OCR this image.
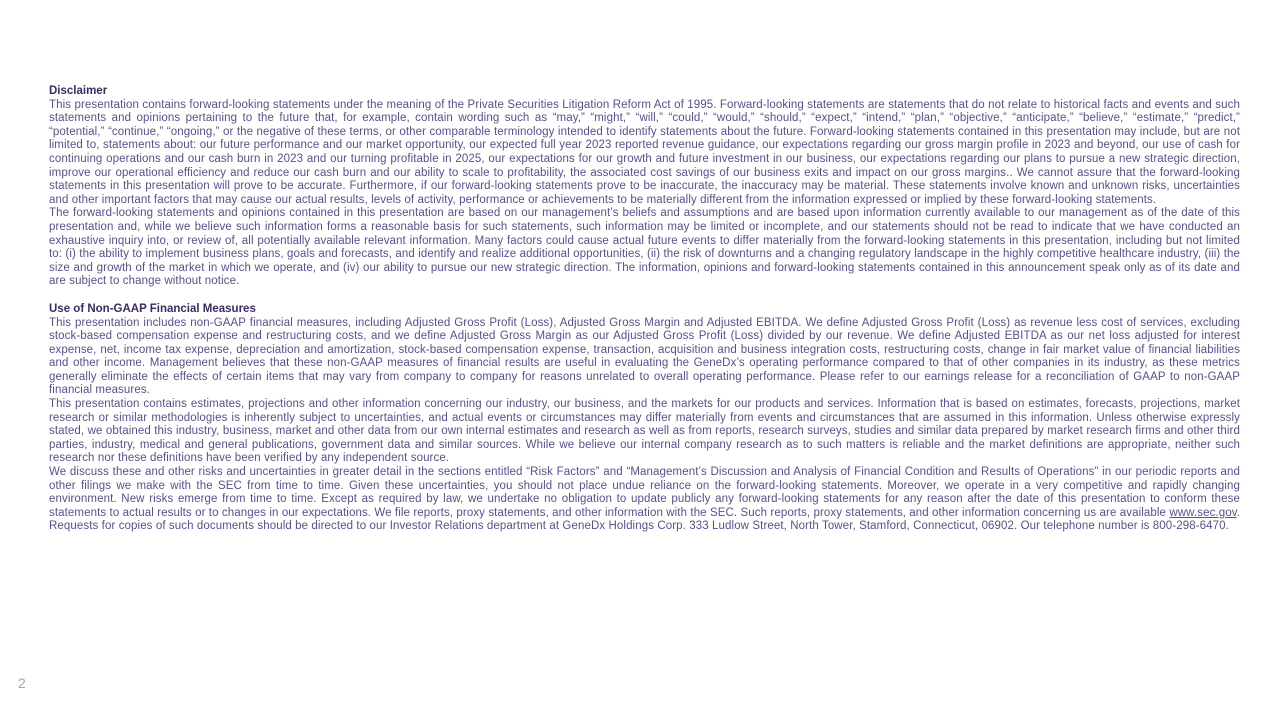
Disclaimer

This presentation contains forward-looking statements under the meaning of the Private Securities Litigation Reform Act of 1995. Forward-looking statements are statements that do not relate to historical facts and events and such statements and opinions pertaining to the future that, for example, contain wording such as “may,” “might,” “will,” “could,” “would,” “should,” “expect,” “intend,” “plan,” “objective,” “anticipate,” “believe,” “estimate,” “predict,” “potential,” “continue,” “ongoing,” or the negative of these terms, or other comparable terminology intended to identify statements about the future. Forward-looking statements contained in this presentation may include, but are not limited to, statements about: our future performance and our market opportunity, our expected full year 2023 reported revenue guidance, our expectations regarding our gross margin profile in 2023 and beyond, our use of cash for continuing operations and our cash burn in 2023 and our turning profitable in 2025, our expectations for our growth and future investment in our business, our expectations regarding our plans to pursue a new strategic direction, improve our operational efficiency and reduce our cash burn and our ability to scale to profitability, the associated cost savings of our business exits and impact on our gross margins.. We cannot assure that the forward-looking statements in this presentation will prove to be accurate. Furthermore, if our forward-looking statements prove to be inaccurate, the inaccuracy may be material. These statements involve known and unknown risks, uncertainties and other important factors that may cause our actual results, levels of activity, performance or achievements to be materially different from the information expressed or implied by these forward-looking statements.

The forward-looking statements and opinions contained in this presentation are based on our management’s beliefs and assumptions and are based upon information currently available to our management as of the date of this presentation and, while we believe such information forms a reasonable basis for such statements, such information may be limited or incomplete, and our statements should not be read to indicate that we have conducted an exhaustive inquiry into, or review of, all potentially available relevant information. Many factors could cause actual future events to differ materially from the forward-looking statements in this presentation, including but not limited to: (i) the ability to implement business plans, goals and forecasts, and identify and realize additional opportunities, (ii) the risk of downturns and a changing regulatory landscape in the highly competitive healthcare industry, (iii) the size and growth of the market in which we operate, and (iv) our ability to pursue our new strategic direction. The information, opinions and forward-looking statements contained in this announcement speak only as of its date and are subject to change without notice.

Use of Non-GAAP Financial Measures

This presentation includes non-GAAP financial measures, including Adjusted Gross Profit (Loss), Adjusted Gross Margin and Adjusted EBITDA. We define Adjusted Gross Profit (Loss) as revenue less cost of services, excluding stock-based compensation expense and restructuring costs, and we define Adjusted Gross Margin as our Adjusted Gross Profit (Loss) divided by our revenue. We define Adjusted EBITDA as our net loss adjusted for interest expense, net, income tax expense, depreciation and amortization, stock-based compensation expense, transaction, acquisition and business integration costs, restructuring costs, change in fair market value of financial liabilities and other income. Management believes that these non-GAAP measures of financial results are useful in evaluating the GeneDx’s operating performance compared to that of other companies in its industry, as these metrics generally eliminate the effects of certain items that may vary from company to company for reasons unrelated to overall operating performance. Please refer to our earnings release for a reconciliation of GAAP to non-GAAP financial measures.

This presentation contains estimates, projections and other information concerning our industry, our business, and the markets for our products and services. Information that is based on estimates, forecasts, projections, market research or similar methodologies is inherently subject to uncertainties, and actual events or circumstances may differ materially from events and circumstances that are assumed in this information. Unless otherwise expressly stated, we obtained this industry, business, market and other data from our own internal estimates and research as well as from reports, research surveys, studies and similar data prepared by market research firms and other third parties, industry, medical and general publications, government data and similar sources. While we believe our internal company research as to such matters is reliable and the market definitions are appropriate, neither such research nor these definitions have been verified by any independent source.

We discuss these and other risks and uncertainties in greater detail in the sections entitled “Risk Factors” and “Management’s Discussion and Analysis of Financial Condition and Results of Operations” in our periodic reports and other filings we make with the SEC from time to time. Given these uncertainties, you should not place undue reliance on the forward-looking statements. Moreover, we operate in a very competitive and rapidly changing environment. New risks emerge from time to time. Except as required by law, we undertake no obligation to update publicly any forward-looking statements for any reason after the date of this presentation to conform these statements to actual results or to changes in our expectations. We file reports, proxy statements, and other information with the SEC. Such reports, proxy statements, and other information concerning us are available www.sec.gov. Requests for copies of such documents should be directed to our Investor Relations department at GeneDx Holdings Corp. 333 Ludlow Street, North Tower, Stamford, Connecticut, 06902. Our telephone number is 800-298-6470.

2
